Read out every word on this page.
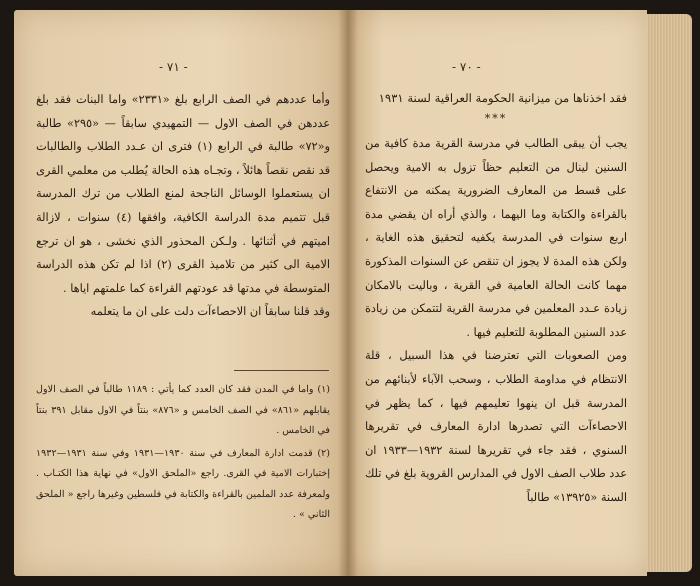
- ٧١ -

وأما عددهم في الصف الرابع بلغ «٢٣٣١» واما البنات فقد بلغ عددهن في الصف الاول — التمهيدي سابقاً — «٢٩٥» طالبة و«٧٢» طالبة في الرابع (١) فترى ان عـدد الطلاب والطالبات قد نقص نقصاً هائلاً ، وتجـاه هذه الحالة يُطلب من معلمي القرى ان يستعملوا الوسائل الناجحة لمنع الطلاب من ترك المدرسة قبل تتميم مدة الدراسة الكافية، وافقها (٤) سنوات ، لازالة اميتهم في أثنائها . ولـكن المحذور الذي نخشى ، هو ان ترجع الامية الى كثير من تلاميذ القرى (٢) اذا لم تكن هذه الدراسة المتوسطة في مدتها قد عودتهم القراءة كما علمتهم اياها .

وقد قلنا سابقاً ان الاحصاءآت دلت على ان ما يتعلمه

(١) واما في المدن فقد كان العدد كما يأتي : ١١٨٩ طالباً في الصف الاول يقابلهم «٨٦١» في الصف الخامس و «٨٧٦» بنتاً في الاول مقابل ٣٩١ بنتاً في الخامس .

(٢) قدمت ادارة المعارف في سنة ١٩٣٠—١٩٣١ وفي سنة ١٩٣١—١٩٣٢ إختبارات الامية في القرى. راجع «الملحق الاول» في نهاية هذا الكتـاب . ولمعرفة عدد الملمين بالقراءة والكتابة في فلسطين وغيرها راجع « الملحق الثاني » .

- ٧٠ -

فقد اخذناها من ميزانية الحكومة العراقية لسنة ١٩٣١

***

يجب أن يبقى الطالب في مدرسة القرية مدة كافية من السنين لينال من التعليم حظاً تزول به الامية ويحصل على قسط من المعارف الضرورية يمكنه من الانتفاع بالقراءة والكتابة وما اليهما ، والذي أراه ان يقضي مدة اربع سنوات في المدرسة يكفيه لتحقيق هذه الغاية ، ولكن هذه المدة لا يجوز ان تنقص عن السنوات المذكورة مهما كانت الحالة العامية في القرية ، وباليت بالامكان زيادة عـدد المعلمين في مدرسة القرية لتتمكن من زيادة عدد السنين المطلوبة للتعليم فيها .

ومن الصعوبات التي تعترضنا في هذا السبيل ، قلة الانتظام في مداومة الطلاب ، وسحب الآباء لأبنائهم من المدرسة قبل ان ينهوا تعليمهم فيها ، كما يظهر في الاحصاءآت التي تصدرها ادارة المعارف في تقريرها السنوي ، فقد جاء في تقريرها لسنة ١٩٣٢—١٩٣٣ ان عدد طلاب الصف الاول في المدارس القروية بلغ في تلك السنة «١٣٩٢٥» طالباً
